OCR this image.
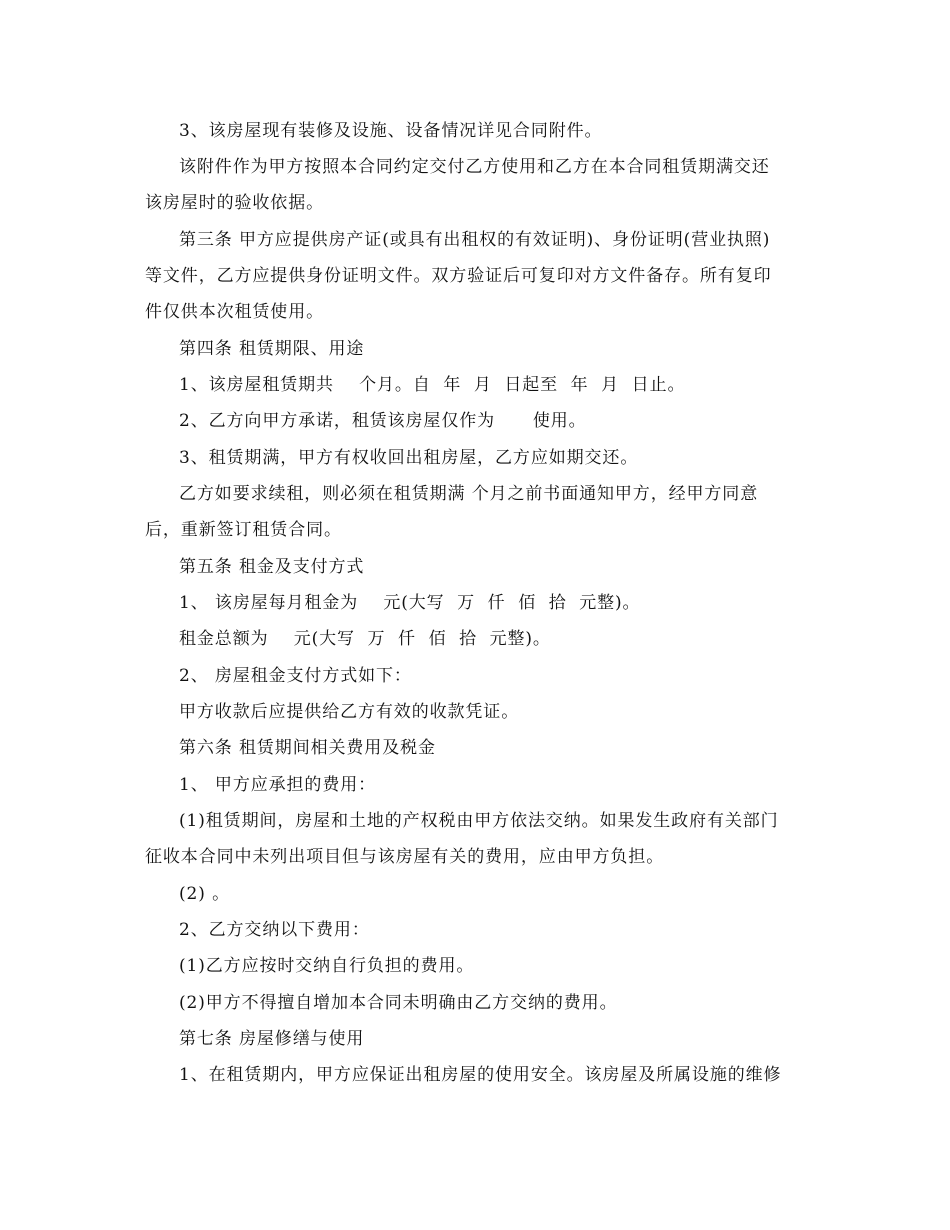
3、该房屋现有装修及设施、设备情况详见合同附件。
该附件作为甲方按照本合同约定交付乙方使用和乙方在本合同租赁期满交还
该房屋时的验收依据。
第三条 甲方应提供房产证(或具有出租权的有效证明)、身份证明(营业执照)
等文件，乙方应提供身份证明文件。双方验证后可复印对方文件备存。所有复印
件仅供本次租赁使用。
第四条 租赁期限、用途
1、该房屋租赁期共    个月。自  年  月  日起至  年  月  日止。
2、乙方向甲方承诺，租赁该房屋仅作为      使用。
3、租赁期满，甲方有权收回出租房屋，乙方应如期交还。
乙方如要求续租，则必须在租赁期满 个月之前书面通知甲方，经甲方同意
后，重新签订租赁合同。
第五条 租金及支付方式
1、 该房屋每月租金为    元(大写  万  仟  佰  拾  元整)。
租金总额为    元(大写  万  仟  佰  拾  元整)。
2、 房屋租金支付方式如下：
甲方收款后应提供给乙方有效的收款凭证。
第六条 租赁期间相关费用及税金
1、 甲方应承担的费用：
(1)租赁期间，房屋和土地的产权税由甲方依法交纳。如果发生政府有关部门
征收本合同中未列出项目但与该房屋有关的费用，应由甲方负担。
(2) 。
2、乙方交纳以下费用：
(1)乙方应按时交纳自行负担的费用。
(2)甲方不得擅自增加本合同未明确由乙方交纳的费用。
第七条 房屋修缮与使用
1、在租赁期内，甲方应保证出租房屋的使用安全。该房屋及所属设施的维修
